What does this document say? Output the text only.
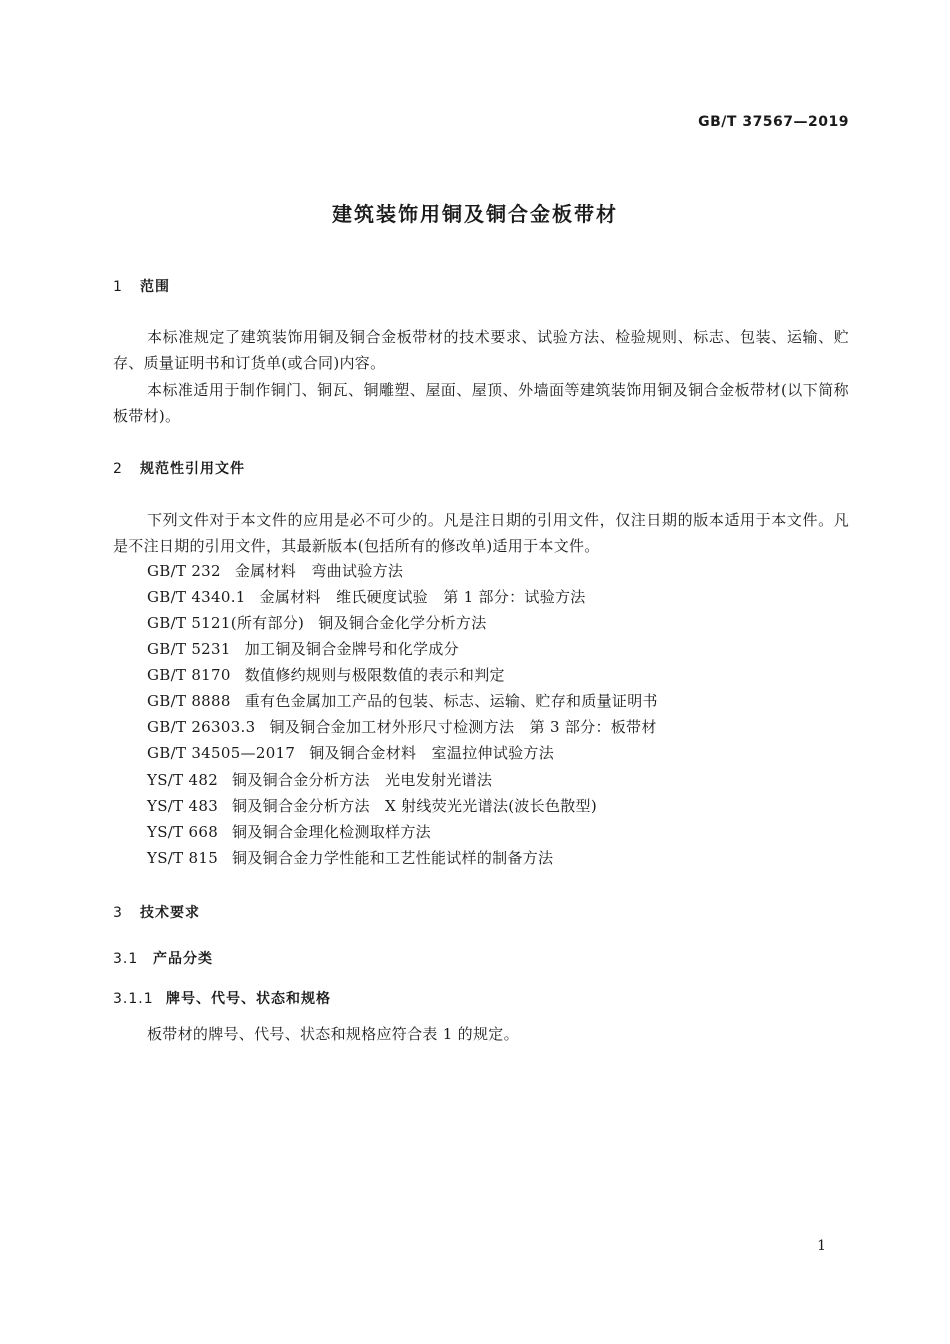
GB/T 37567—2019
建筑装饰用铜及铜合金板带材
1 范围
本标准规定了建筑装饰用铜及铜合金板带材的技术要求、试验方法、检验规则、标志、包装、运输、贮存、质量证明书和订货单(或合同)内容。
本标准适用于制作铜门、铜瓦、铜雕塑、屋面、屋顶、外墙面等建筑装饰用铜及铜合金板带材(以下简称板带材)。
2 规范性引用文件
下列文件对于本文件的应用是必不可少的。凡是注日期的引用文件，仅注日期的版本适用于本文件。凡是不注日期的引用文件，其最新版本(包括所有的修改单)适用于本文件。
GB/T 232 金属材料　弯曲试验方法
GB/T 4340.1 金属材料　维氏硬度试验　第 1 部分：试验方法
GB/T 5121(所有部分) 铜及铜合金化学分析方法
GB/T 5231 加工铜及铜合金牌号和化学成分
GB/T 8170 数值修约规则与极限数值的表示和判定
GB/T 8888 重有色金属加工产品的包装、标志、运输、贮存和质量证明书
GB/T 26303.3 铜及铜合金加工材外形尺寸检测方法　第 3 部分：板带材
GB/T 34505—2017 铜及铜合金材料　室温拉伸试验方法
YS/T 482 铜及铜合金分析方法　光电发射光谱法
YS/T 483 铜及铜合金分析方法　X 射线荧光光谱法(波长色散型)
YS/T 668 铜及铜合金理化检测取样方法
YS/T 815 铜及铜合金力学性能和工艺性能试样的制备方法
3 技术要求
3.1 产品分类
3.1.1 牌号、代号、状态和规格
板带材的牌号、代号、状态和规格应符合表 1 的规定。
1
